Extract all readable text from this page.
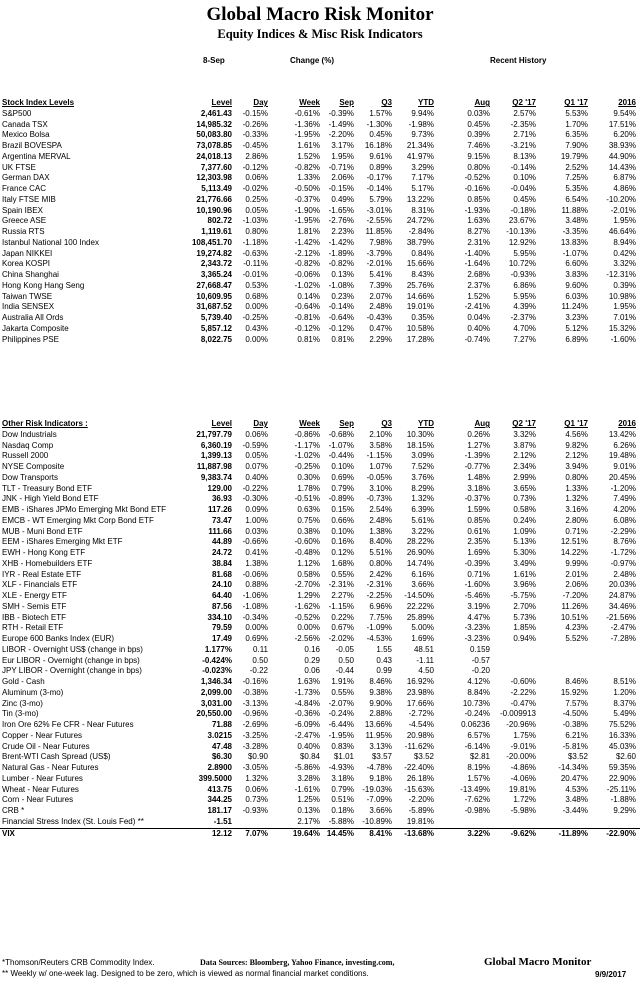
Global Macro Risk Monitor
Equity Indices & Misc Risk Indicators
8-Sep	Change (%)	Recent History
Stock Index Levels	Level	Day	Week	Sep	Q3	YTD	Aug	Q2 '17	Q1 '17	2016
S&P500	2,461.43	-0.15%	-0.61%	-0.39%	1.57%	9.94%	0.03%	2.57%	5.53%	9.54%
Canada TSX	14,985.32	-0.26%	-1.36%	-1.49%	-1.30%	-1.98%	0.45%	-2.35%	1.70%	17.51%
Mexico Bolsa	50,083.80	-0.33%	-1.95%	-2.20%	0.45%	9.73%	0.39%	2.71%	6.35%	6.20%
Brazil BOVESPA	73,078.85	-0.45%	1.61%	3.17%	16.18%	21.34%	7.46%	-3.21%	7.90%	38.93%
Argentina MERVAL	24,018.13	2.86%	1.52%	1.95%	9.61%	41.97%	9.15%	8.13%	19.79%	44.90%
UK FTSE	7,377.60	-0.12%	-0.82%	-0.71%	0.89%	3.29%	0.80%	-0.14%	2.52%	14.43%
German DAX	12,303.98	0.06%	1.33%	2.06%	-0.17%	7.17%	-0.52%	0.10%	7.25%	6.87%
France CAC	5,113.49	-0.02%	-0.50%	-0.15%	-0.14%	5.17%	-0.16%	-0.04%	5.35%	4.86%
Italy FTSE MIB	21,776.66	0.25%	-0.37%	0.49%	5.79%	13.22%	0.85%	0.45%	6.54%	-10.20%
Spain IBEX	10,190.96	0.05%	-1.90%	-1.65%	-3.01%	8.31%	-1.93%	-0.18%	11.88%	-2.01%
Greece ASE	802.72	-1.03%	-1.95%	-2.76%	-2.55%	24.72%	1.63%	23.67%	3.48%	1.95%
Russia RTS	1,119.61	0.80%	1.81%	2.23%	11.85%	-2.84%	8.27%	-10.13%	-3.35%	46.64%
Istanbul National 100 Index	108,451.70	-1.18%	-1.42%	-1.42%	7.98%	38.79%	2.31%	12.92%	13.83%	8.94%
Japan NIKKEI	19,274.82	-0.63%	-2.12%	-1.89%	-3.79%	0.84%	-1.40%	5.95%	-1.07%	0.42%
Korea KOSPI	2,343.72	-0.11%	-0.82%	-0.82%	-2.01%	15.66%	-1.64%	10.72%	6.60%	3.32%
China Shanghai	3,365.24	-0.01%	-0.06%	0.13%	5.41%	8.43%	2.68%	-0.93%	3.83%	-12.31%
Hong Kong Hang Seng	27,668.47	0.53%	-1.02%	-1.08%	7.39%	25.76%	2.37%	6.86%	9.60%	0.39%
Taiwan TWSE	10,609.95	0.68%	0.14%	0.23%	2.07%	14.66%	1.52%	5.95%	6.03%	10.98%
India SENSEX	31,687.52	0.00%	-0.64%	-0.14%	2.48%	19.01%	-2.41%	4.39%	11.24%	1.95%
Australia All Ords	5,739.40	-0.25%	-0.81%	-0.64%	-0.43%	0.35%	0.04%	-2.37%	3.23%	7.01%
Jakarta Composite	5,857.12	0.43%	-0.12%	-0.12%	0.47%	10.58%	0.40%	4.70%	5.12%	15.32%
Philippines PSE	8,022.75	0.00%	0.81%	0.81%	2.29%	17.28%	-0.74%	7.27%	6.89%	-1.60%
Other Risk Indicators :	Level	Day	Week	Sep	Q3	YTD	Aug	Q2 '17	Q1 '17	2016
Dow Industrials	21,797.79	0.06%	-0.86%	-0.68%	2.10%	10.30%	0.26%	3.32%	4.56%	13.42%
Nasdaq Comp	6,360.19	-0.59%	-1.17%	-1.07%	3.58%	18.15%	1.27%	3.87%	9.82%	6.26%
Russell 2000	1,399.13	0.05%	-1.02%	-0.44%	-1.15%	3.09%	-1.39%	2.12%	2.12%	19.48%
NYSE Composite	11,887.98	0.07%	-0.25%	0.10%	1.07%	7.52%	-0.77%	2.34%	3.94%	9.01%
Dow Transports	9,383.74	0.40%	0.30%	0.69%	-0.05%	3.76%	1.48%	2.99%	0.80%	20.45%
TLT - Treasury Bond ETF	129.00	-0.22%	1.78%	0.79%	3.10%	8.29%	3.18%	3.65%	1.33%	-1.20%
JNK - High Yield Bond ETF	36.93	-0.30%	-0.51%	-0.89%	-0.73%	1.32%	-0.37%	0.73%	1.32%	7.49%
EMB - iShares JPMo Emerging Mkt Bond ETF	117.26	0.09%	0.63%	0.15%	2.54%	6.39%	1.59%	0.58%	3.16%	4.20%
EMCB - WT Emerging Mkt Corp Bond ETF	73.47	1.00%	0.75%	0.66%	2.48%	5.61%	0.85%	0.24%	2.80%	6.08%
MUB - Muni Bond ETF	111.66	0.03%	0.38%	0.10%	1.38%	3.22%	0.61%	1.09%	0.71%	-2.29%
EEM - iShares Emerging Mkt ETF	44.89	-0.66%	-0.60%	0.16%	8.40%	28.22%	2.35%	5.13%	12.51%	8.76%
EWH - Hong Kong ETF	24.72	0.41%	-0.48%	0.12%	5.51%	26.90%	1.69%	5.30%	14.22%	-1.72%
XHB - Homebuilders ETF	38.84	1.38%	1.12%	1.68%	0.80%	14.74%	-0.39%	3.49%	9.99%	-0.97%
IYR - Real Estate ETF	81.68	-0.06%	0.58%	0.55%	2.42%	6.16%	0.71%	1.61%	2.01%	2.48%
XLF - Financials ETF	24.10	0.88%	-2.70%	-2.31%	-2.31%	3.66%	-1.60%	3.96%	2.06%	20.03%
XLE - Energy ETF	64.40	-1.06%	1.29%	2.27%	-2.25%	-14.50%	-5.46%	-5.75%	-7.20%	24.87%
SMH - Semis ETF	87.56	-1.08%	-1.62%	-1.15%	6.96%	22.22%	3.19%	2.70%	11.26%	34.46%
IBB - Biotech ETF	334.10	-0.34%	-0.52%	0.22%	7.75%	25.89%	4.47%	5.73%	10.51%	-21.56%
RTH - Retail ETF	79.59	0.00%	0.00%	0.67%	-1.09%	5.00%	-3.23%	1.85%	4.23%	-2.47%
Europe 600 Banks Index (EUR)	17.49	0.69%	-2.56%	-2.02%	-4.53%	1.69%	-3.23%	0.94%	5.52%	-7.28%
LIBOR - Overnight US$ (change in bps)	1.177%	0.11	0.16	-0.05	1.55	48.51	0.159			
Eur LIBOR - Overnight (change in bps)	-0.424%	0.50	0.29	0.50	0.43	-1.11	-0.57			
JPY LIBOR - Overnight (change in bps)	-0.023%	-0.22	0.06	-0.44	0.99	4.50	-0.20			
Gold - Cash	1,346.34	-0.16%	1.63%	1.91%	8.46%	16.92%	4.12%	-0.60%	8.46%	8.51%
Aluminum (3-mo)	2,099.00	-0.38%	-1.73%	0.55%	9.38%	23.98%	8.84%	-2.22%	15.92%	1.20%
Zinc (3-mo)	3,031.00	-3.13%	-4.84%	-2.07%	9.90%	17.66%	10.73%	-0.47%	7.57%	8.37%
Tin (3-mo)	20,550.00	-0.96%	-0.36%	-0.24%	2.88%	-2.72%	-0.24%	-0.009913	-4.50%	5.49%
Iron Ore 62% Fe CFR - Near Futures	71.88	-2.69%	-6.09%	-6.44%	13.66%	-4.54%	0.06236	-20.96%	-0.38%	75.52%
Copper - Near Futures	3.0215	-3.25%	-2.47%	-1.95%	11.95%	20.98%	6.57%	1.75%	6.21%	16.33%
Crude Oil - Near Futures	47.48	-3.28%	0.40%	0.83%	3.13%	-11.62%	-6.14%	-9.01%	-5.81%	45.03%
Brent-WTI Cash Spread (US$)	$6.30	$0.90	$0.84	$1.01	$3.57	$3.52	$2.81	-20.00%	$3.52	$2.60
Natural Gas - Near Futures	2.8900	-3.05%	-5.86%	-4.93%	-4.78%	-22.40%	8.19%	-4.86%	-14.34%	59.35%
Lumber - Near Futures	399.5000	1.32%	3.28%	3.18%	9.18%	26.18%	1.57%	-4.06%	20.47%	22.90%
Wheat - Near Futures	413.75	0.06%	-1.61%	0.79%	-19.03%	-15.63%	-13.49%	19.81%	4.53%	-25.11%
Corn - Near Futures	344.25	0.73%	1.25%	0.51%	-7.09%	-2.20%	-7.62%	1.72%	3.48%	-1.88%
CRB *	181.17	-0.93%	0.13%	0.18%	3.66%	-5.89%	-0.98%	-5.98%	-3.44%	9.29%
Financial Stress Index (St. Louis Fed) **	-1.51		2.17%	-5.88%	-10.89%	19.81%				
VIX	12.12	7.07%	19.64%	14.45%	8.41%	-13.68%	3.22%	-9.62%	-11.89%	-22.90%
*Thomson/Reuters CRB Commodity Index.	Data Sources: Bloomberg, Yahoo Finance, investing.com,	Global Macro Monitor
** Weekly w/ one-week lag. Designed to be zero, which is viewed as normal financial market conditions.	9/9/2017
